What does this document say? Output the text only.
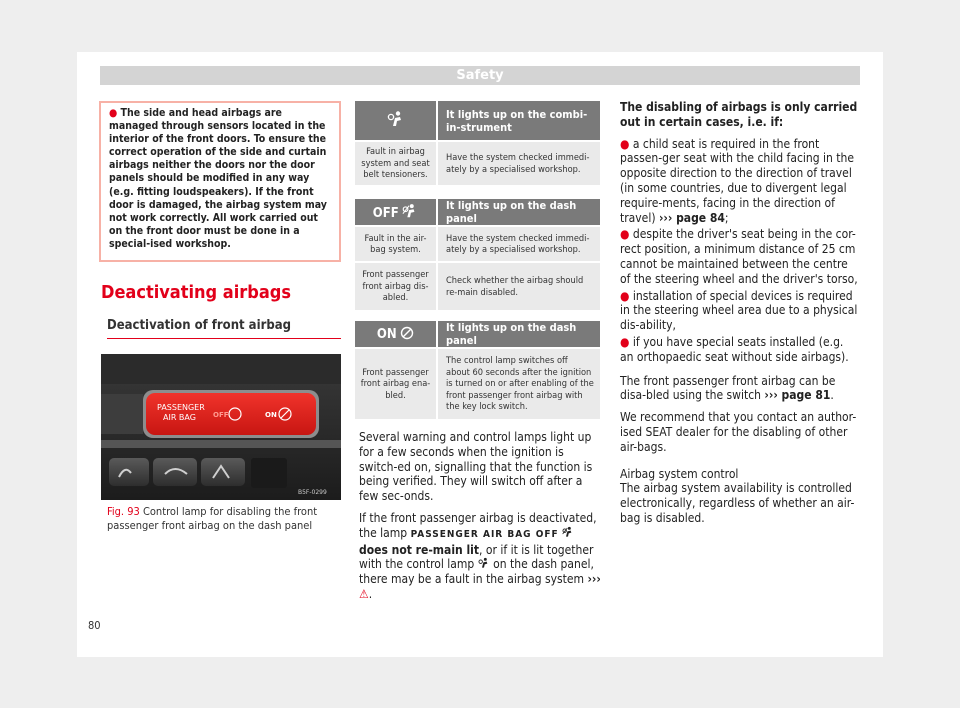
Safety
● The side and head airbags are managed through sensors located in the interior of the front doors. To ensure the correct operation of the side and curtain airbags neither the doors nor the door panels should be modified in any way (e.g. fitting loudspeakers). If the front door is damaged, the airbag system may not work correctly. All work carried out on the front door must be done in a special-ised workshop.
Deactivating airbags
Deactivation of front airbag
B5F-0299
PASSENGER
AIR BAG OFF	ON
Fig. 93 Control lamp for disabling the front passenger front airbag on the dash panel
	It lights up on the combi-in-strument
Fault in airbag system and seat belt tensioners.	Have the system checked immedi-ately by a specialised workshop.
OFF	It lights up on the dash panel
Fault in the air-bag system.	Have the system checked immedi-ately by a specialised workshop.
Front passenger front airbag dis-abled.	Check whether the airbag should re-main disabled.
ON	It lights up on the dash panel
Front passenger front airbag ena-bled.	The control lamp switches off about 60 seconds after the ignition is turned on or after enabling of the front passenger front airbag with the key lock switch.

Several warning and control lamps light up for a few seconds when the ignition is switch-ed on, signalling that the function is being verified. They will switch off after a few sec-onds.

If the front passenger airbag is deactivated, the lamp PASSENGER AIR BAG OFF  does not re-main lit, or if it is lit together with the control lamp on the dash panel, there may be a fault in the airbag system ››› ⚠.

The disabling of airbags is only carried out in certain cases, i.e. if:

● a child seat is required in the front passen-ger seat with the child facing in the opposite direction to the direction of travel (in some countries, due to divergent legal require-ments, facing in the direction of travel) ››› page 84;
● despite the driver's seat being in the cor-rect position, a minimum distance of 25 cm cannot be maintained between the centre of the steering wheel and the driver's torso,
● installation of special devices is required in the steering wheel area due to a physical dis-ability,
● if you have special seats installed (e.g. an orthopaedic seat without side airbags).

The front passenger front airbag can be disa-bled using the switch ››› page 81.

We recommend that you contact an author-ised SEAT dealer for the disabling of other air-bags.

Airbag system control

The airbag system availability is controlled electronically, regardless of whether an air-bag is disabled.

80
